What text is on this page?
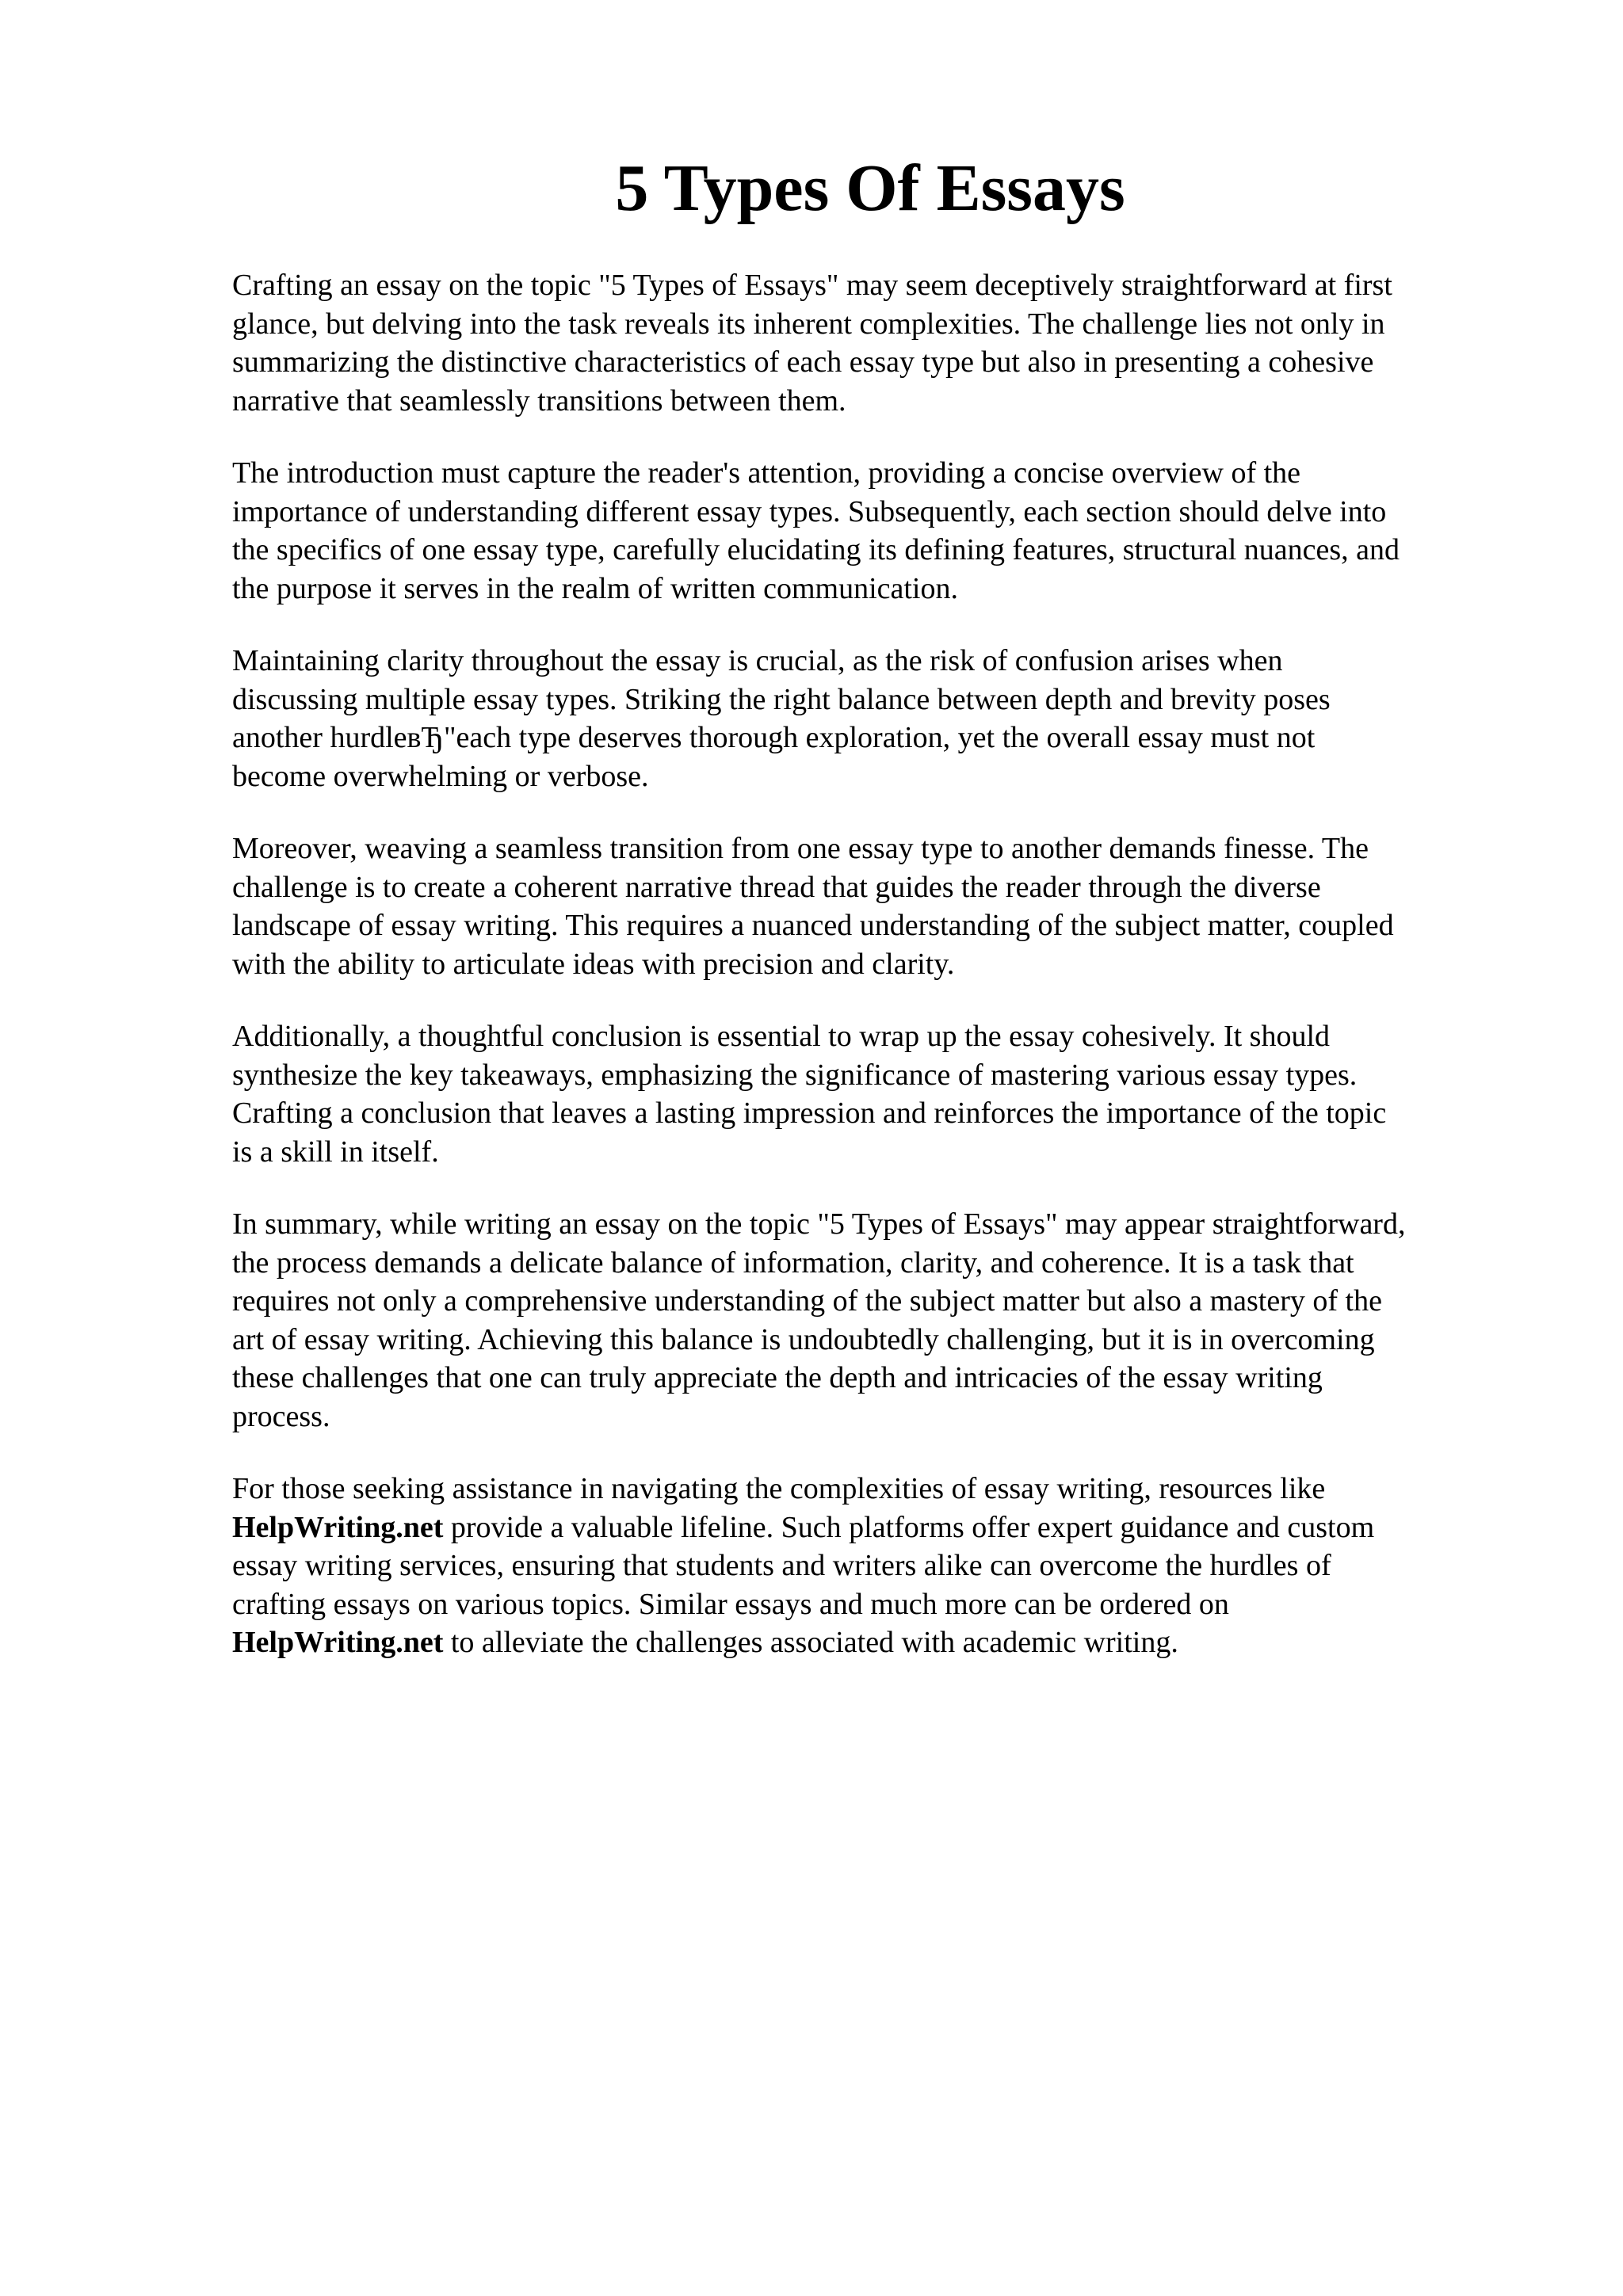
5 Types Of Essays

Crafting an essay on the topic "5 Types of Essays" may seem deceptively straightforward at first
glance, but delving into the task reveals its inherent complexities. The challenge lies not only in
summarizing the distinctive characteristics of each essay type but also in presenting a cohesive
narrative that seamlessly transitions between them.

The introduction must capture the reader's attention, providing a concise overview of the
importance of understanding different essay types. Subsequently, each section should delve into
the specifics of one essay type, carefully elucidating its defining features, structural nuances, and
the purpose it serves in the realm of written communication.

Maintaining clarity throughout the essay is crucial, as the risk of confusion arises when
discussing multiple essay types. Striking the right balance between depth and brevity poses
another hurdleвЂ"each type deserves thorough exploration, yet the overall essay must not
become overwhelming or verbose.

Moreover, weaving a seamless transition from one essay type to another demands finesse. The
challenge is to create a coherent narrative thread that guides the reader through the diverse
landscape of essay writing. This requires a nuanced understanding of the subject matter, coupled
with the ability to articulate ideas with precision and clarity.

Additionally, a thoughtful conclusion is essential to wrap up the essay cohesively. It should
synthesize the key takeaways, emphasizing the significance of mastering various essay types.
Crafting a conclusion that leaves a lasting impression and reinforces the importance of the topic
is a skill in itself.

In summary, while writing an essay on the topic "5 Types of Essays" may appear straightforward,
the process demands a delicate balance of information, clarity, and coherence. It is a task that
requires not only a comprehensive understanding of the subject matter but also a mastery of the
art of essay writing. Achieving this balance is undoubtedly challenging, but it is in overcoming
these challenges that one can truly appreciate the depth and intricacies of the essay writing
process.

For those seeking assistance in navigating the complexities of essay writing, resources like
HelpWriting.net provide a valuable lifeline. Such platforms offer expert guidance and custom
essay writing services, ensuring that students and writers alike can overcome the hurdles of
crafting essays on various topics. Similar essays and much more can be ordered on
HelpWriting.net to alleviate the challenges associated with academic writing.
